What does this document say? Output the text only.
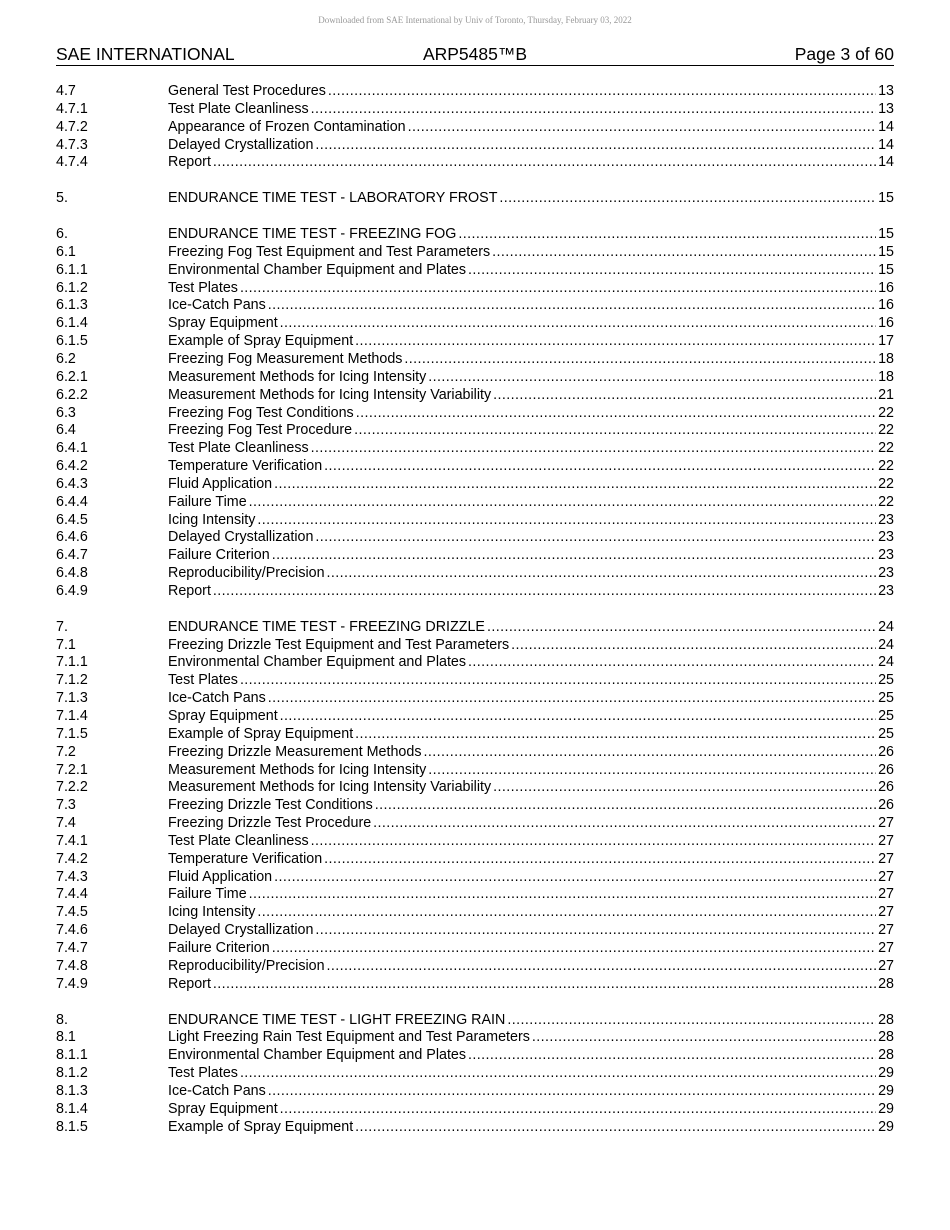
Downloaded from SAE International by Univ of Toronto, Thursday, February 03, 2022
SAE INTERNATIONAL	ARP5485™B	Page 3 of 60
4.7	General Test Procedures .....	13
4.7.1	Test Plate Cleanliness .....	13
4.7.2	Appearance of Frozen Contamination .....	14
4.7.3	Delayed Crystallization .....	14
4.7.4	Report .....	14
5.	ENDURANCE TIME TEST - LABORATORY FROST .....	15
6.	ENDURANCE TIME TEST - FREEZING FOG .....	15
6.1	Freezing Fog Test Equipment and Test Parameters .....	15
6.1.1	Environmental Chamber Equipment and Plates .....	15
6.1.2	Test Plates .....	16
6.1.3	Ice-Catch Pans .....	16
6.1.4	Spray Equipment .....	16
6.1.5	Example of Spray Equipment .....	17
6.2	Freezing Fog Measurement Methods .....	18
6.2.1	Measurement Methods for Icing Intensity .....	18
6.2.2	Measurement Methods for Icing Intensity Variability .....	21
6.3	Freezing Fog Test Conditions .....	22
6.4	Freezing Fog Test Procedure .....	22
6.4.1	Test Plate Cleanliness .....	22
6.4.2	Temperature Verification .....	22
6.4.3	Fluid Application .....	22
6.4.4	Failure Time .....	22
6.4.5	Icing Intensity .....	23
6.4.6	Delayed Crystallization .....	23
6.4.7	Failure Criterion .....	23
6.4.8	Reproducibility/Precision .....	23
6.4.9	Report .....	23
7.	ENDURANCE TIME TEST - FREEZING DRIZZLE .....	24
7.1	Freezing Drizzle Test Equipment and Test Parameters .....	24
7.1.1	Environmental Chamber Equipment and Plates .....	24
7.1.2	Test Plates .....	25
7.1.3	Ice-Catch Pans .....	25
7.1.4	Spray Equipment .....	25
7.1.5	Example of Spray Equipment .....	25
7.2	Freezing Drizzle Measurement Methods .....	26
7.2.1	Measurement Methods for Icing Intensity .....	26
7.2.2	Measurement Methods for Icing Intensity Variability .....	26
7.3	Freezing Drizzle Test Conditions .....	26
7.4	Freezing Drizzle Test Procedure .....	27
7.4.1	Test Plate Cleanliness .....	27
7.4.2	Temperature Verification .....	27
7.4.3	Fluid Application .....	27
7.4.4	Failure Time .....	27
7.4.5	Icing Intensity .....	27
7.4.6	Delayed Crystallization .....	27
7.4.7	Failure Criterion .....	27
7.4.8	Reproducibility/Precision .....	27
7.4.9	Report .....	28
8.	ENDURANCE TIME TEST - LIGHT FREEZING RAIN .....	28
8.1	Light Freezing Rain Test Equipment and Test Parameters .....	28
8.1.1	Environmental Chamber Equipment and Plates .....	28
8.1.2	Test Plates .....	29
8.1.3	Ice-Catch Pans .....	29
8.1.4	Spray Equipment .....	29
8.1.5	Example of Spray Equipment .....	29
